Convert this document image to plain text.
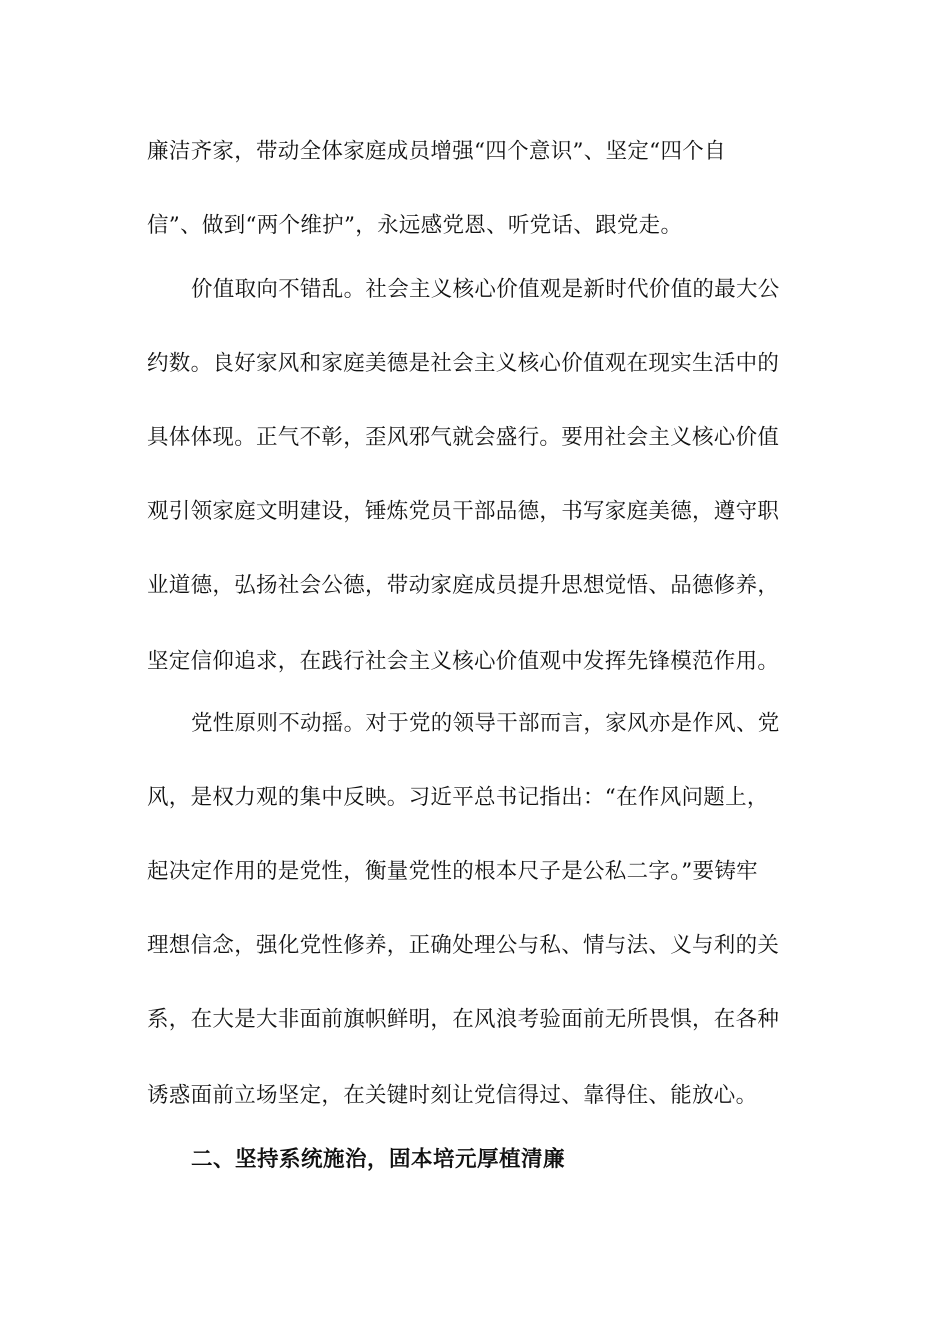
廉洁齐家，带动全体家庭成员增强“四个意识”、坚定“四个自
信”、做到“两个维护”，永远感党恩、听党话、跟党走。
价值取向不错乱。社会主义核心价值观是新时代价值的最大公
约数。良好家风和家庭美德是社会主义核心价值观在现实生活中的
具体体现。正气不彰，歪风邪气就会盛行。要用社会主义核心价值
观引领家庭文明建设，锤炼党员干部品德，书写家庭美德，遵守职
业道德，弘扬社会公德，带动家庭成员提升思想觉悟、品德修养，
坚定信仰追求，在践行社会主义核心价值观中发挥先锋模范作用。
党性原则不动摇。对于党的领导干部而言，家风亦是作风、党
风，是权力观的集中反映。习近平总书记指出：“在作风问题上，
起决定作用的是党性，衡量党性的根本尺子是公私二字。”要铸牢
理想信念，强化党性修养，正确处理公与私、情与法、义与利的关
系，在大是大非面前旗帜鲜明，在风浪考验面前无所畏惧，在各种
诱惑面前立场坚定，在关键时刻让党信得过、靠得住、能放心。
二、坚持系统施治，固本培元厚植清廉
